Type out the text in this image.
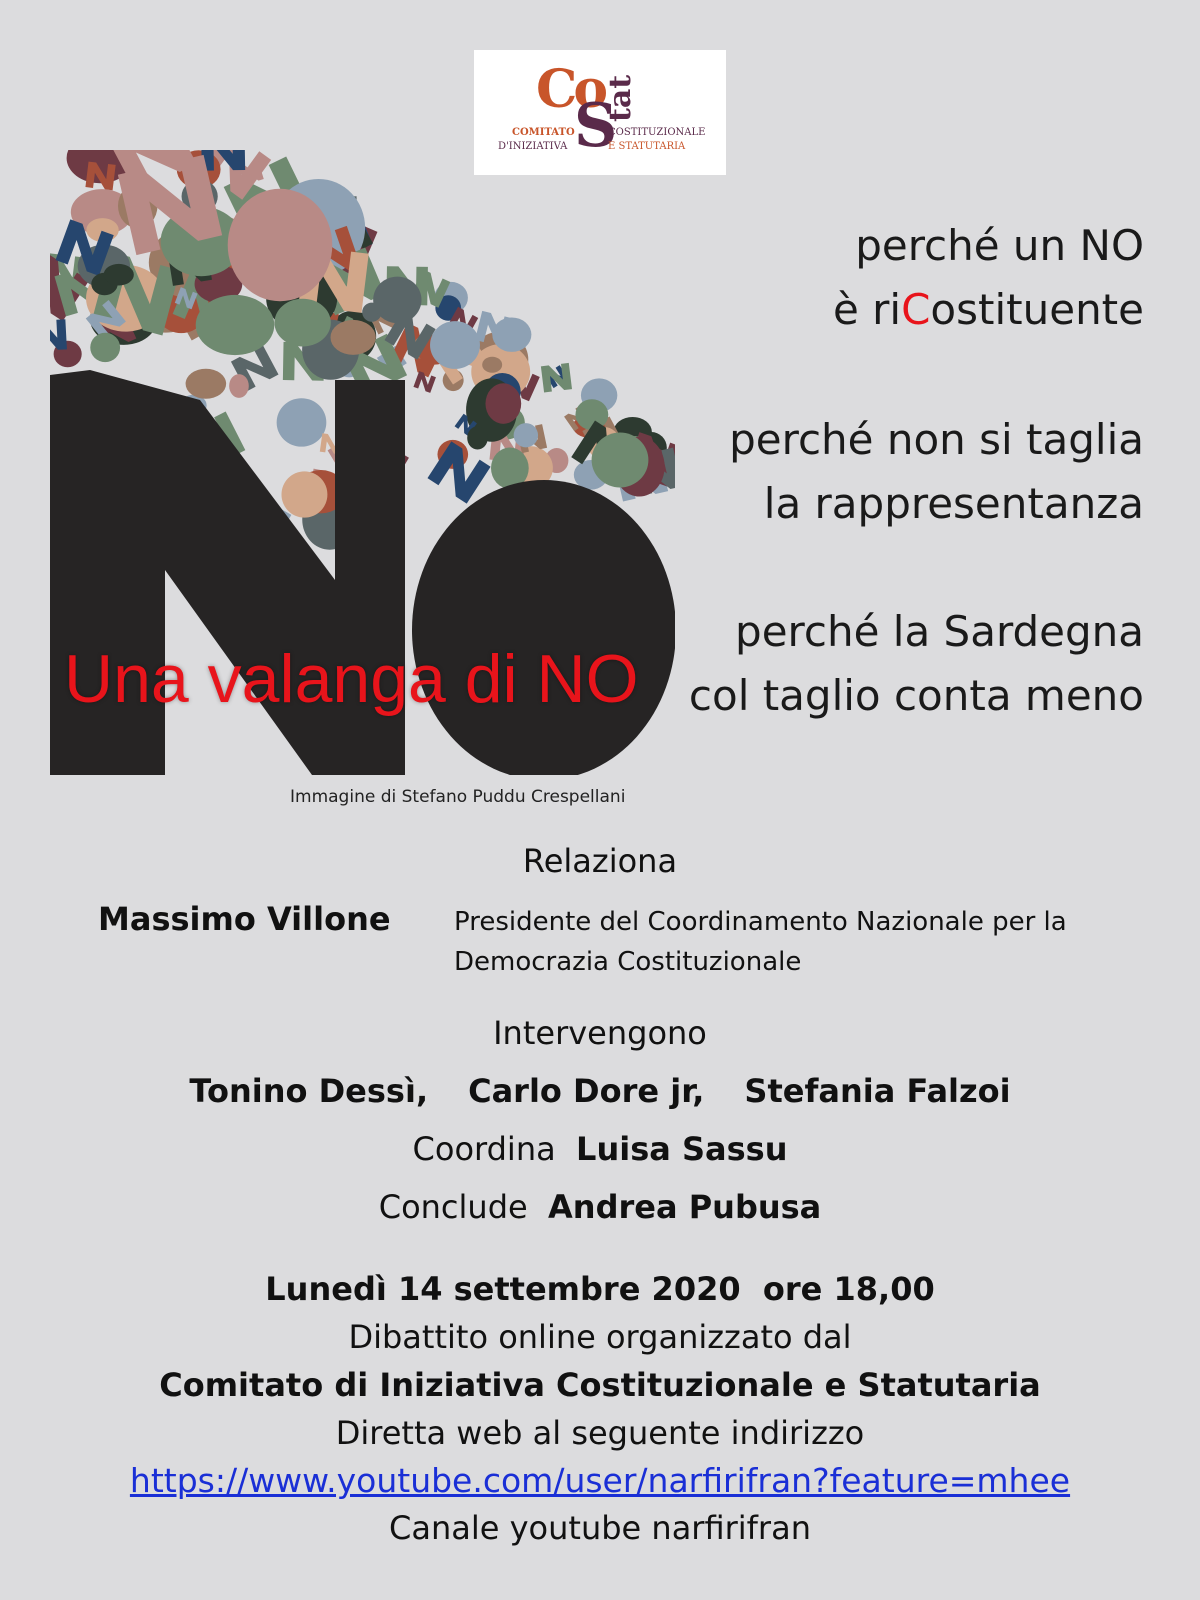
Co
S
tat
COMITATO
D'INIZIATIVA
COSTITUZIONALE
E STATUTARIA
Una valanga di NO
Immagine di Stefano Puddu Crespellani
perché un NO
è riCostituente
perché non si taglia
la rappresentanza
perché la Sardegna
col taglio conta meno
Relaziona
Massimo Villone Presidente del Coordinamento Nazionale per la
Democrazia Costituzionale
Intervengono
Tonino Dessì, Carlo Dore jr, Stefania Falzoi
Coordina Luisa Sassu
Conclude Andrea Pubusa
Lunedì 14 settembre 2020  ore 18,00
Dibattito online organizzato dal
Comitato di Iniziativa Costituzionale e Statutaria
Diretta web al seguente indirizzo
https://www.youtube.com/user/narfirifran?feature=mhee
Canale youtube narfirifran
